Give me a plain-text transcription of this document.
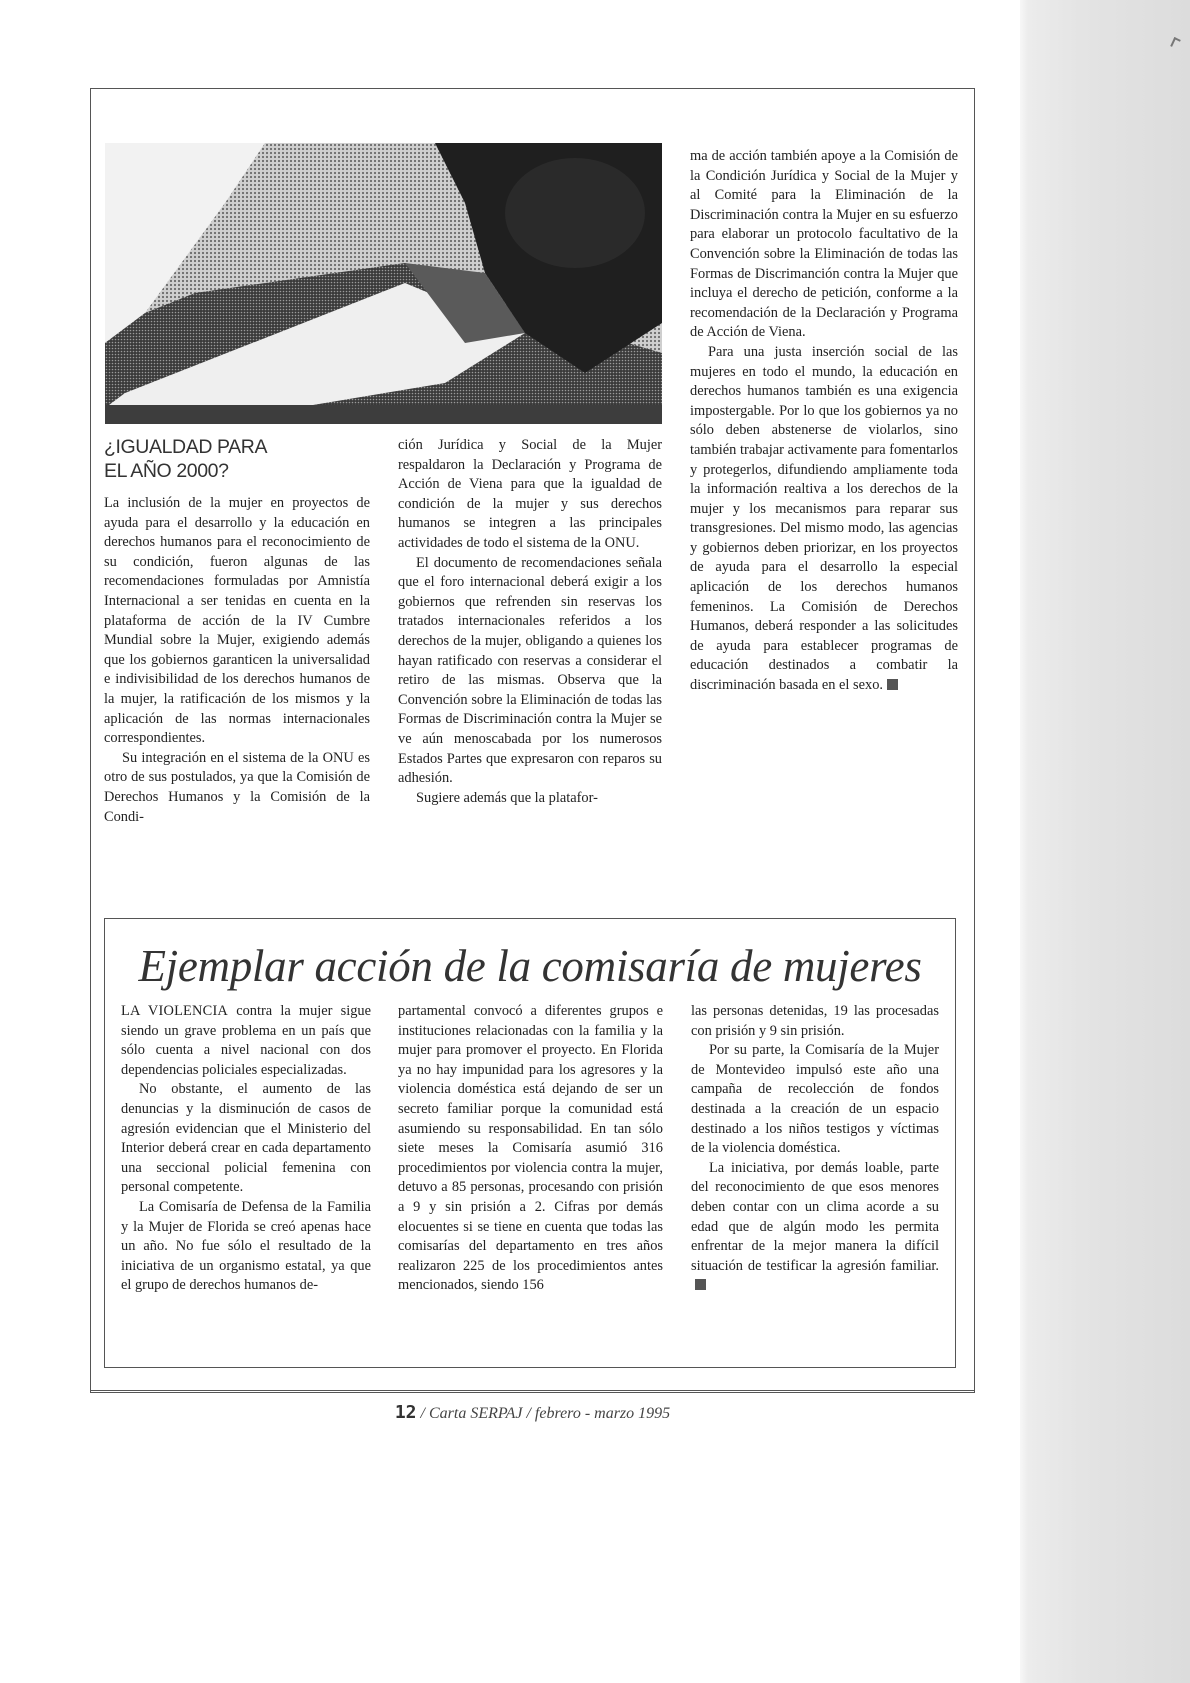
¿IGUALDAD PARA
EL AÑO 2000?

La inclusión de la mujer en proyectos de ayuda para el desarrollo y la educación en derechos humanos para el reconocimiento de su condición, fueron algunas de las recomendaciones formuladas por Amnistía Internacional a ser tenidas en cuenta en la plataforma de acción de la IV Cumbre Mundial sobre la Mujer, exigiendo además que los gobiernos garanticen la universalidad e indivisibilidad de los derechos humanos de la mujer, la ratificación de los mismos y la aplicación de las normas internacionales correspondientes.

Su integración en el sistema de la ONU es otro de sus postulados, ya que la Comisión de Derechos Humanos y la Comisión de la Condi-

ción Jurídica y Social de la Mujer respaldaron la Declaración y Programa de Acción de Viena para que la igualdad de condición de la mujer y sus derechos humanos se integren a las principales actividades de todo el sistema de la ONU.

El documento de recomendaciones señala que el foro internacional deberá exigir a los gobiernos que refrenden sin reservas los tratados internacionales referidos a los derechos de la mujer, obligando a quienes los hayan ratificado con reservas a considerar el retiro de las mismas. Observa que la Convención sobre la Eliminación de todas las Formas de Discriminación contra la Mujer se ve aún menoscabada por los numerosos Estados Partes que expresaron con reparos su adhesión.

Sugiere además que la platafor-

ma de acción también apoye a la Comisión de la Condición Jurídica y Social de la Mujer y al Comité para la Eliminación de la Discriminación contra la Mujer en su esfuerzo para elaborar un protocolo facultativo de la Convención sobre la Eliminación de todas las Formas de Discrimanción contra la Mujer que incluya el derecho de petición, conforme a la recomendación de la Declaración y Programa de Acción de Viena.

Para una justa inserción social de las mujeres en todo el mundo, la educación en derechos humanos también es una exigencia impostergable. Por lo que los gobiernos ya no sólo deben abstenerse de violarlos, sino también trabajar activamente para fomentarlos y protegerlos, difundiendo ampliamente toda la información realtiva a los derechos de la mujer y los mecanismos para reparar sus transgresiones. Del mismo modo, las agencias y gobiernos deben priorizar, en los proyectos de ayuda para el desarrollo la especial aplicación de los derechos humanos femeninos. La Comisión de Derechos Humanos, deberá responder a las solicitudes de ayuda para establecer programas de educación destinados a combatir la discriminación basada en el sexo.

Ejemplar acción de la comisaría de mujeres

LA VIOLENCIA contra la mujer sigue siendo un grave problema en un país que sólo cuenta a nivel nacional con dos dependencias policiales especializadas.

No obstante, el aumento de las denuncias y la disminución de casos de agresión evidencian que el Ministerio del Interior deberá crear en cada departamento una seccional policial femenina con personal competente.

La Comisaría de Defensa de la Familia y la Mujer de Florida se creó apenas hace un año. No fue sólo el resultado de la iniciativa de un organismo estatal, ya que el grupo de derechos humanos de-

partamental convocó a diferentes grupos e instituciones relacionadas con la familia y la mujer para promover el proyecto. En Florida ya no hay impunidad para los agresores y la violencia doméstica está dejando de ser un secreto familiar porque la comunidad está asumiendo su responsabilidad. En tan sólo siete meses la Comisaría asumió 316 procedimientos por violencia contra la mujer, detuvo a 85 personas, procesando con prisión a 9 y sin prisión a 2. Cifras por demás elocuentes si se tiene en cuenta que todas las comisarías del departamento en tres años realizaron 225 de los procedimientos antes mencionados, siendo 156

las personas detenidas, 19 las procesadas con prisión y 9 sin prisión.

Por su parte, la Comisaría de la Mujer de Montevideo impulsó este año una campaña de recolección de fondos destinada a la creación de un espacio destinado a los niños testigos y víctimas de la violencia doméstica.

La iniciativa, por demás loable, parte del reconocimiento de que esos menores deben contar con un clima acorde a su edad que de algún modo les permita enfrentar de la mejor manera la difícil situación de testificar la agresión familiar.

12 / Carta SERPAJ / febrero - marzo 1995
